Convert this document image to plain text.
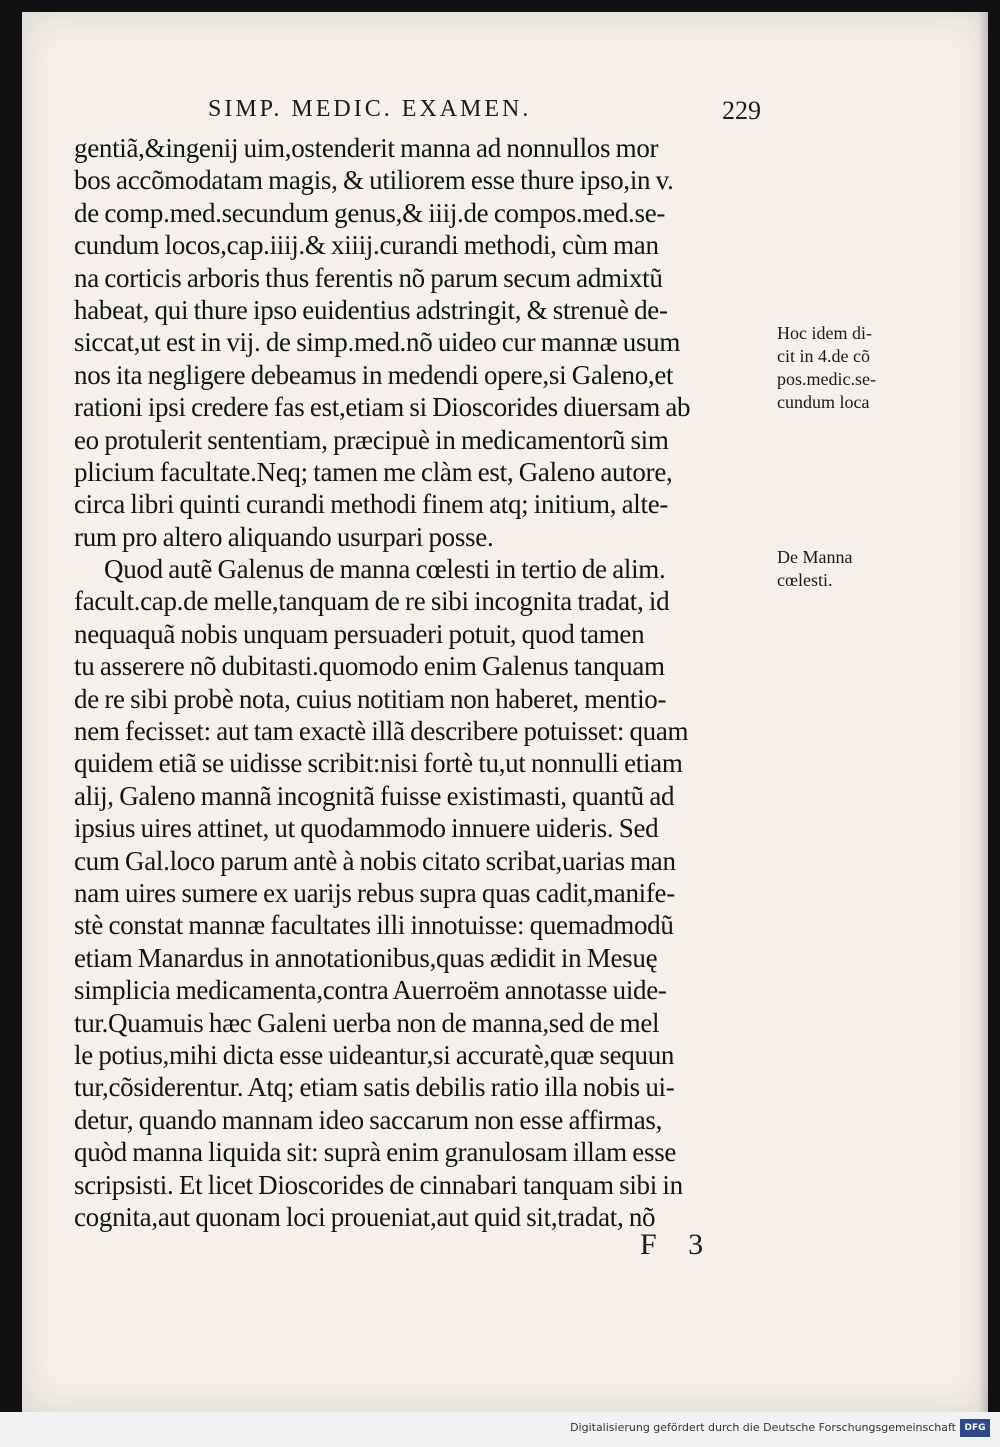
SIMP. MEDIC. EXAMEN.	229
gentiã,&ingenij uim,ostenderit manna ad nonnullos mor
bos accõmodatam magis, & utiliorem esse thure ipso,in v.
de comp.med.secundum genus,& iiij.de compos.med.se-
cundum locos,cap.iiij.& xiiij.curandi methodi, cùm man
na corticis arboris thus ferentis nõ parum secum admixtũ
habeat, qui thure ipso euidentius adstringit, & strenuè de-
siccat,ut est in vij. de simp.med.nõ uideo cur mannæ usum
nos ita negligere debeamus in medendi opere,si Galeno,et
rationi ipsi credere fas est,etiam si Dioscorides diuersam ab
eo protulerit sententiam, præcipuè in medicamentorũ sim
plicium facultate.Neq; tamen me clàm est, Galeno autore,
circa libri quinti curandi methodi finem atq; initium, alte-
rum pro altero aliquando usurpari posse.
Quod autẽ Galenus de manna cœlesti in tertio de alim.
facult.cap.de melle,tanquam de re sibi incognita tradat, id
nequaquã nobis unquam persuaderi potuit, quod tamen
tu asserere nõ dubitasti.quomodo enim Galenus tanquam
de re sibi probè nota, cuius notitiam non haberet, mentio-
nem fecisset: aut tam exactè illã describere potuisset: quam
quidem etiã se uidisse scribit:nisi fortè tu,ut nonnulli etiam
alij, Galeno mannã incognitã fuisse existimasti, quantũ ad
ipsius uires attinet, ut quodammodo innuere uideris. Sed
cum Gal.loco parum antè à nobis citato scribat,uarias man
nam uires sumere ex uarijs rebus supra quas cadit,manife-
stè constat mannæ facultates illi innotuisse: quemadmodũ
etiam Manardus in annotationibus,quas ædidit in Mesuę
simplicia medicamenta,contra Auerroëm annotasse uide-
tur.Quamuis hæc Galeni uerba non de manna,sed de mel
le potius,mihi dicta esse uideantur,si accuratè,quæ sequun
tur,cõsiderentur. Atq; etiam satis debilis ratio illa nobis ui-
detur, quando mannam ideo saccarum non esse affirmas,
quòd manna liquida sit: suprà enim granulosam illam esse
scripsisti. Et licet Dioscorides de cinnabari tanquam sibi in
cognita,aut quonam loci proueniat,aut quid sit,tradat, nõ
Hoc idem di-
cit in 4.de cõ
pos.medic.se-
cundum loca
De Manna
cœlesti.
F 3
Digitalisierung gefördert durch die Deutsche Forschungsgemeinschaft DFG
